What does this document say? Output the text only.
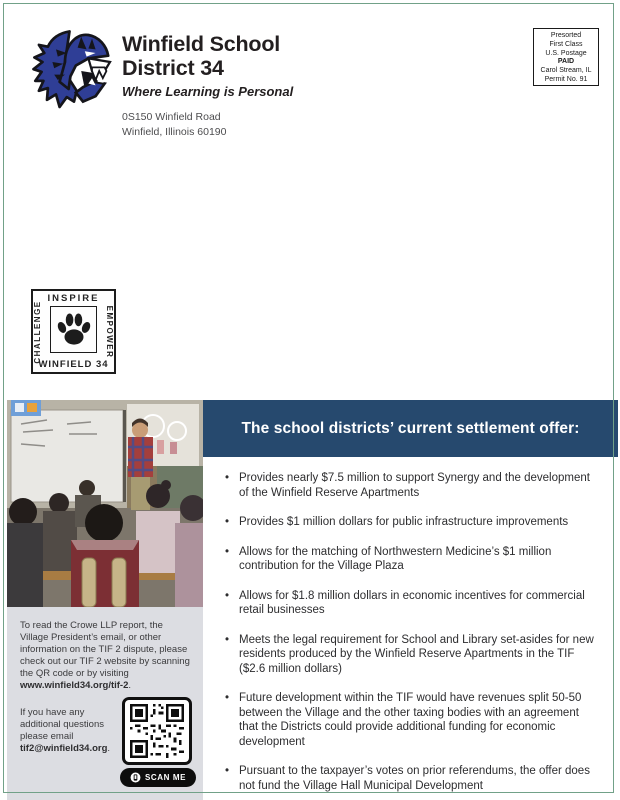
Winfield School
District 34
Where Learning is Personal
0S150 Winfield Road
Winfield, Illinois 60190
Presorted
First Class
U.S. Postage
PAID
Carol Stream, IL
Permit No. 91
INSPIRE
WINFIELD 34
CHALLENGE	EMPOWER

To read the Crowe LLP report, the Village President’s email, or other information on the TIF 2 dispute, please check out our TIF 2 website by scanning the QR code or by visiting www.winfield34.org/tif-2.

If you have any additional questions please email tif2@winfield34.org.

SCAN ME
The school districts’ current settlement offer:
• Provides nearly $7.5 million to support Synergy and the development of the Winfield Reserve Apartments
• Provides $1 million dollars for public infrastructure improvements
• Allows for the matching of Northwestern Medicine’s $1 million contribution for the Village Plaza
• Allows for $1.8 million dollars in economic incentives for commercial retail businesses
• Meets the legal requirement for School and Library set-asides for new residents produced by the Winfield Reserve Apartments in the TIF ($2.6 million dollars)
• Future development within the TIF would have revenues split 50-50 between the Village and the other taxing bodies with an agreement that the Districts could provide additional funding for economic development
• Pursuant to the taxpayer’s votes on prior referendums, the offer does not fund the Village Hall Municipal Development
